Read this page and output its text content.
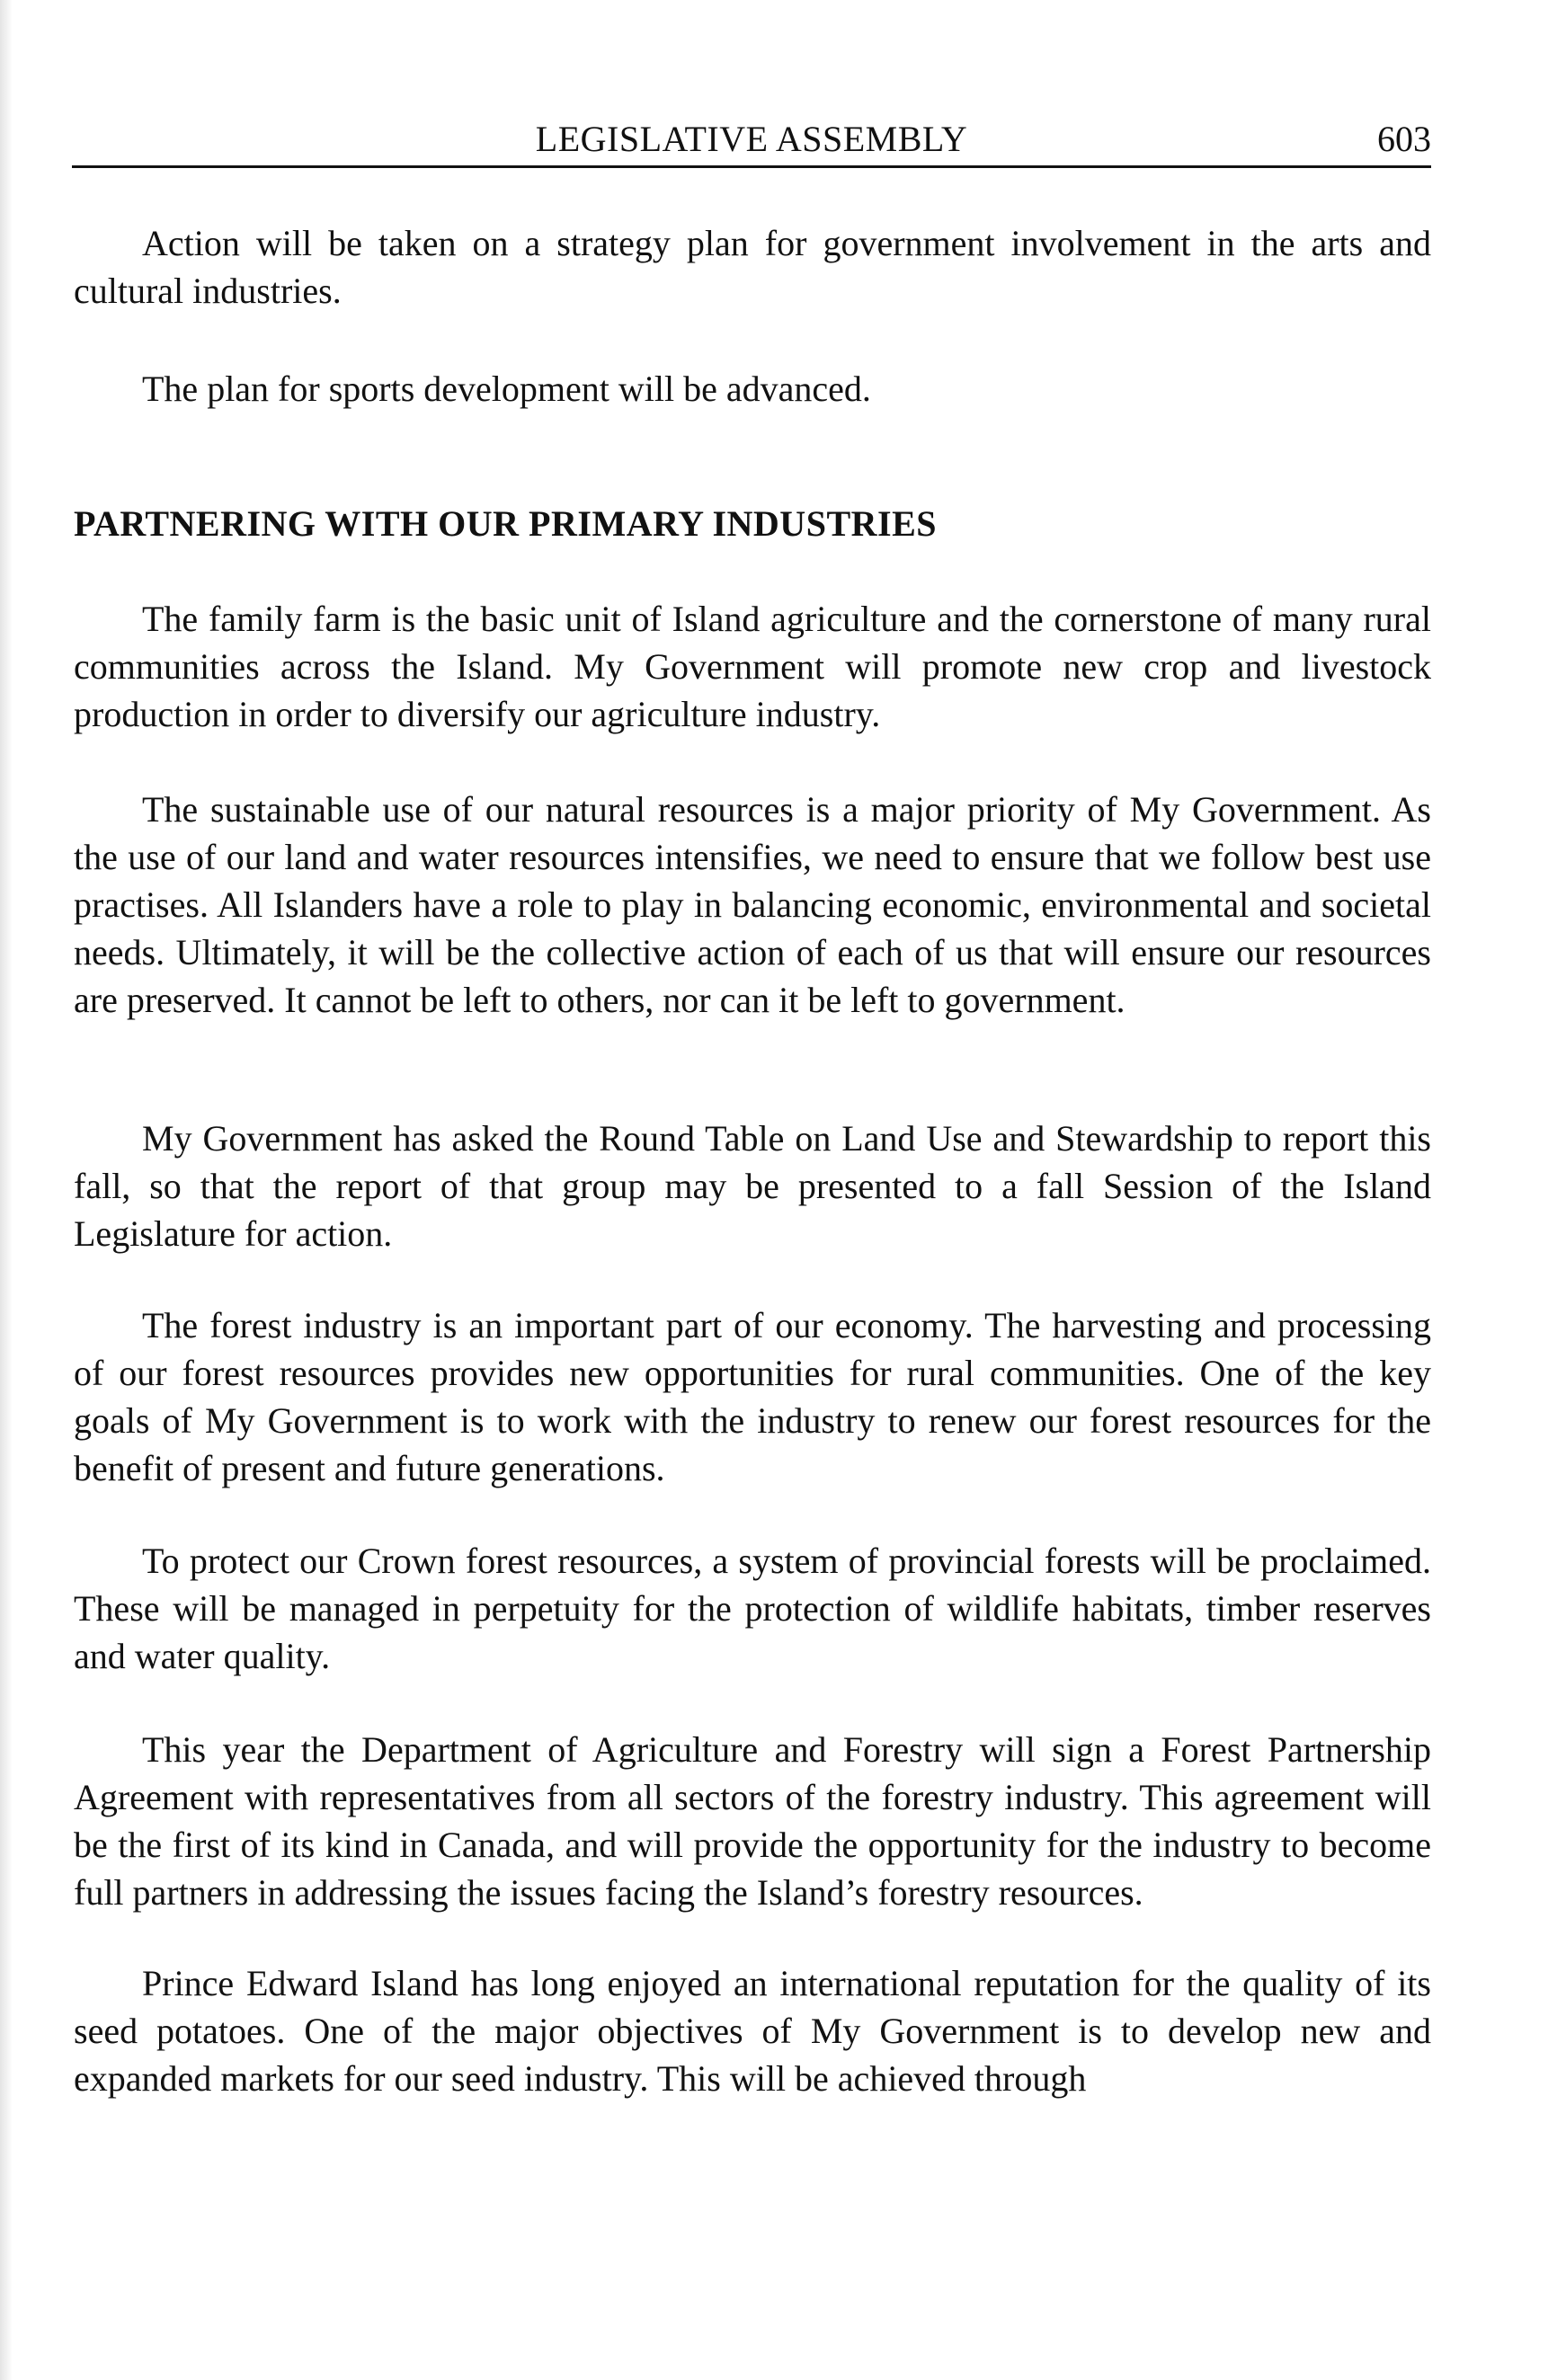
LEGISLATIVE ASSEMBLY	603

Action will be taken on a strategy plan for government involvement in the arts and cultural industries.

The plan for sports development will be advanced.

PARTNERING WITH OUR PRIMARY INDUSTRIES

The family farm is the basic unit of Island agriculture and the cornerstone of many rural communities across the Island. My Government will promote new crop and livestock production in order to diversify our agriculture industry.

The sustainable use of our natural resources is a major priority of My Government. As the use of our land and water resources intensifies, we need to ensure that we follow best use practises. All Islanders have a role to play in balancing economic, environmental and societal needs. Ultimately, it will be the collective action of each of us that will ensure our resources are preserved. It cannot be left to others, nor can it be left to government.

My Government has asked the Round Table on Land Use and Stewardship to report this fall, so that the report of that group may be presented to a fall Session of the Island Legislature for action.

The forest industry is an important part of our economy. The harvesting and processing of our forest resources provides new opportunities for rural communities. One of the key goals of My Government is to work with the industry to renew our forest resources for the benefit of present and future generations.

To protect our Crown forest resources, a system of provincial forests will be proclaimed. These will be managed in perpetuity for the protection of wildlife habitats, timber reserves and water quality.

This year the Department of Agriculture and Forestry will sign a Forest Partnership Agreement with representatives from all sectors of the forestry industry. This agreement will be the first of its kind in Canada, and will provide the opportunity for the industry to become full partners in addressing the issues facing the Island’s forestry resources.

Prince Edward Island has long enjoyed an international reputation for the quality of its seed potatoes. One of the major objectives of My Government is to develop new and expanded markets for our seed industry. This will be achieved through
